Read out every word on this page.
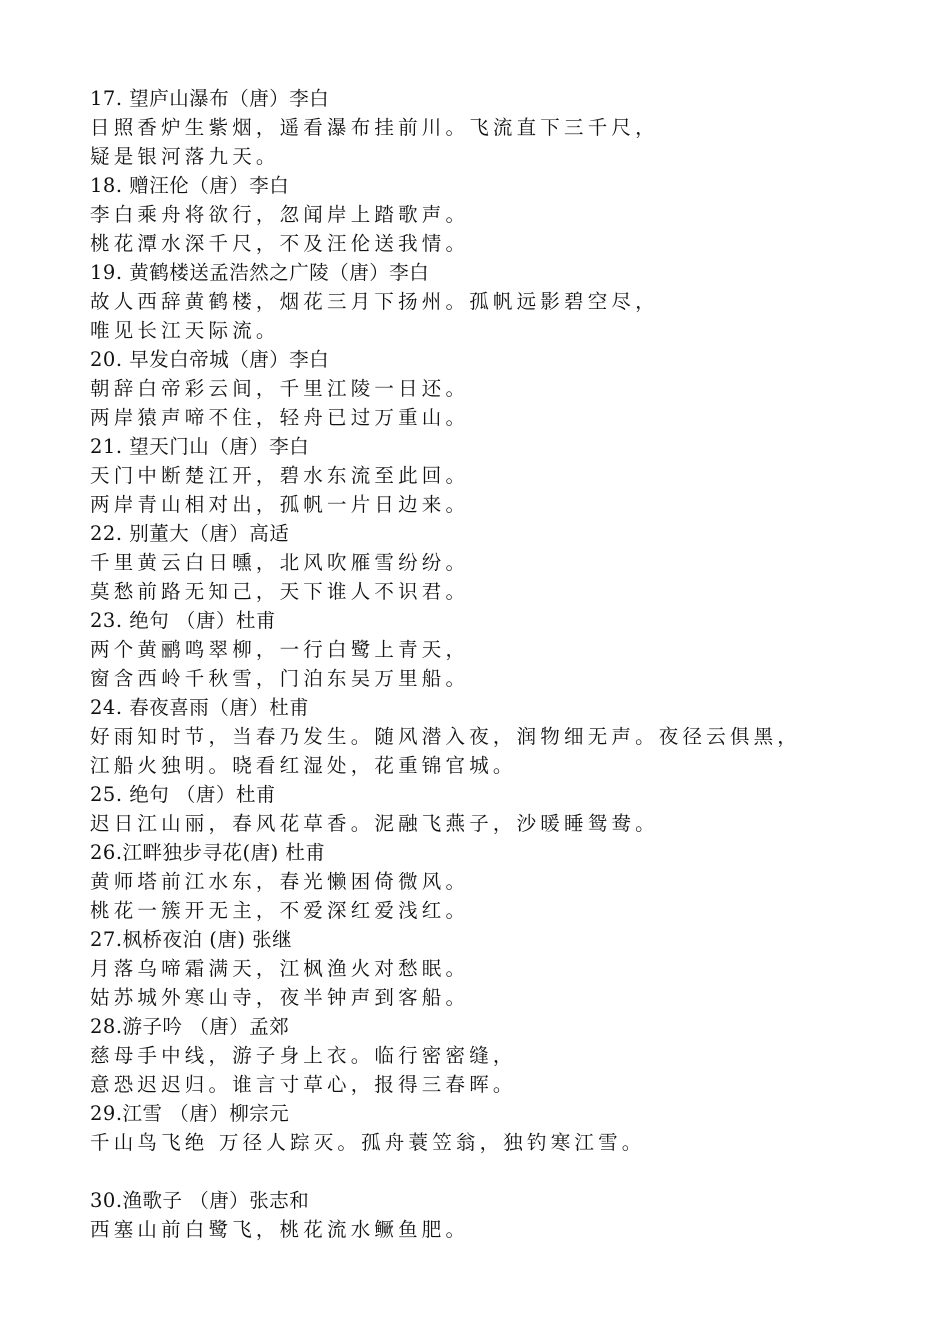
17. 望庐山瀑布（唐）李白
日照香炉生紫烟，遥看瀑布挂前川。飞流直下三千尺，
疑是银河落九天。
18. 赠汪伦（唐）李白
李白乘舟将欲行，忽闻岸上踏歌声。
桃花潭水深千尺，不及汪伦送我情。
19. 黄鹤楼送孟浩然之广陵（唐）李白
故人西辞黄鹤楼，烟花三月下扬州。孤帆远影碧空尽，
唯见长江天际流。
20. 早发白帝城（唐）李白
朝辞白帝彩云间，千里江陵一日还。
两岸猿声啼不住，轻舟已过万重山。
21. 望天门山（唐）李白
天门中断楚江开，碧水东流至此回。
两岸青山相对出，孤帆一片日边来。
22. 别董大（唐）高适
千里黄云白日曛，北风吹雁雪纷纷。
莫愁前路无知己，天下谁人不识君。
23. 绝句 （唐）杜甫
两个黄鹂鸣翠柳，一行白鹭上青天，
窗含西岭千秋雪，门泊东吴万里船。
24. 春夜喜雨（唐）杜甫
好雨知时节，当春乃发生。随风潜入夜，润物细无声。夜径云俱黑，
江船火独明。晓看红湿处，花重锦官城。
25. 绝句 （唐）杜甫
迟日江山丽，春风花草香。泥融飞燕子，沙暖睡鸳鸯。
26.江畔独步寻花(唐) 杜甫
黄师塔前江水东，春光懒困倚微风。
桃花一簇开无主，不爱深红爱浅红。
27.枫桥夜泊 (唐) 张继
月落乌啼霜满天，江枫渔火对愁眠。
姑苏城外寒山寺，夜半钟声到客船。
28.游子吟 （唐）孟郊
慈母手中线，游子身上衣。临行密密缝，
意恐迟迟归。谁言寸草心，报得三春晖。
29.江雪 （唐）柳宗元
千山鸟飞绝 万径人踪灭。孤舟蓑笠翁，独钓寒江雪。
30.渔歌子 （唐）张志和
西塞山前白鹭飞，桃花流水鳜鱼肥。
